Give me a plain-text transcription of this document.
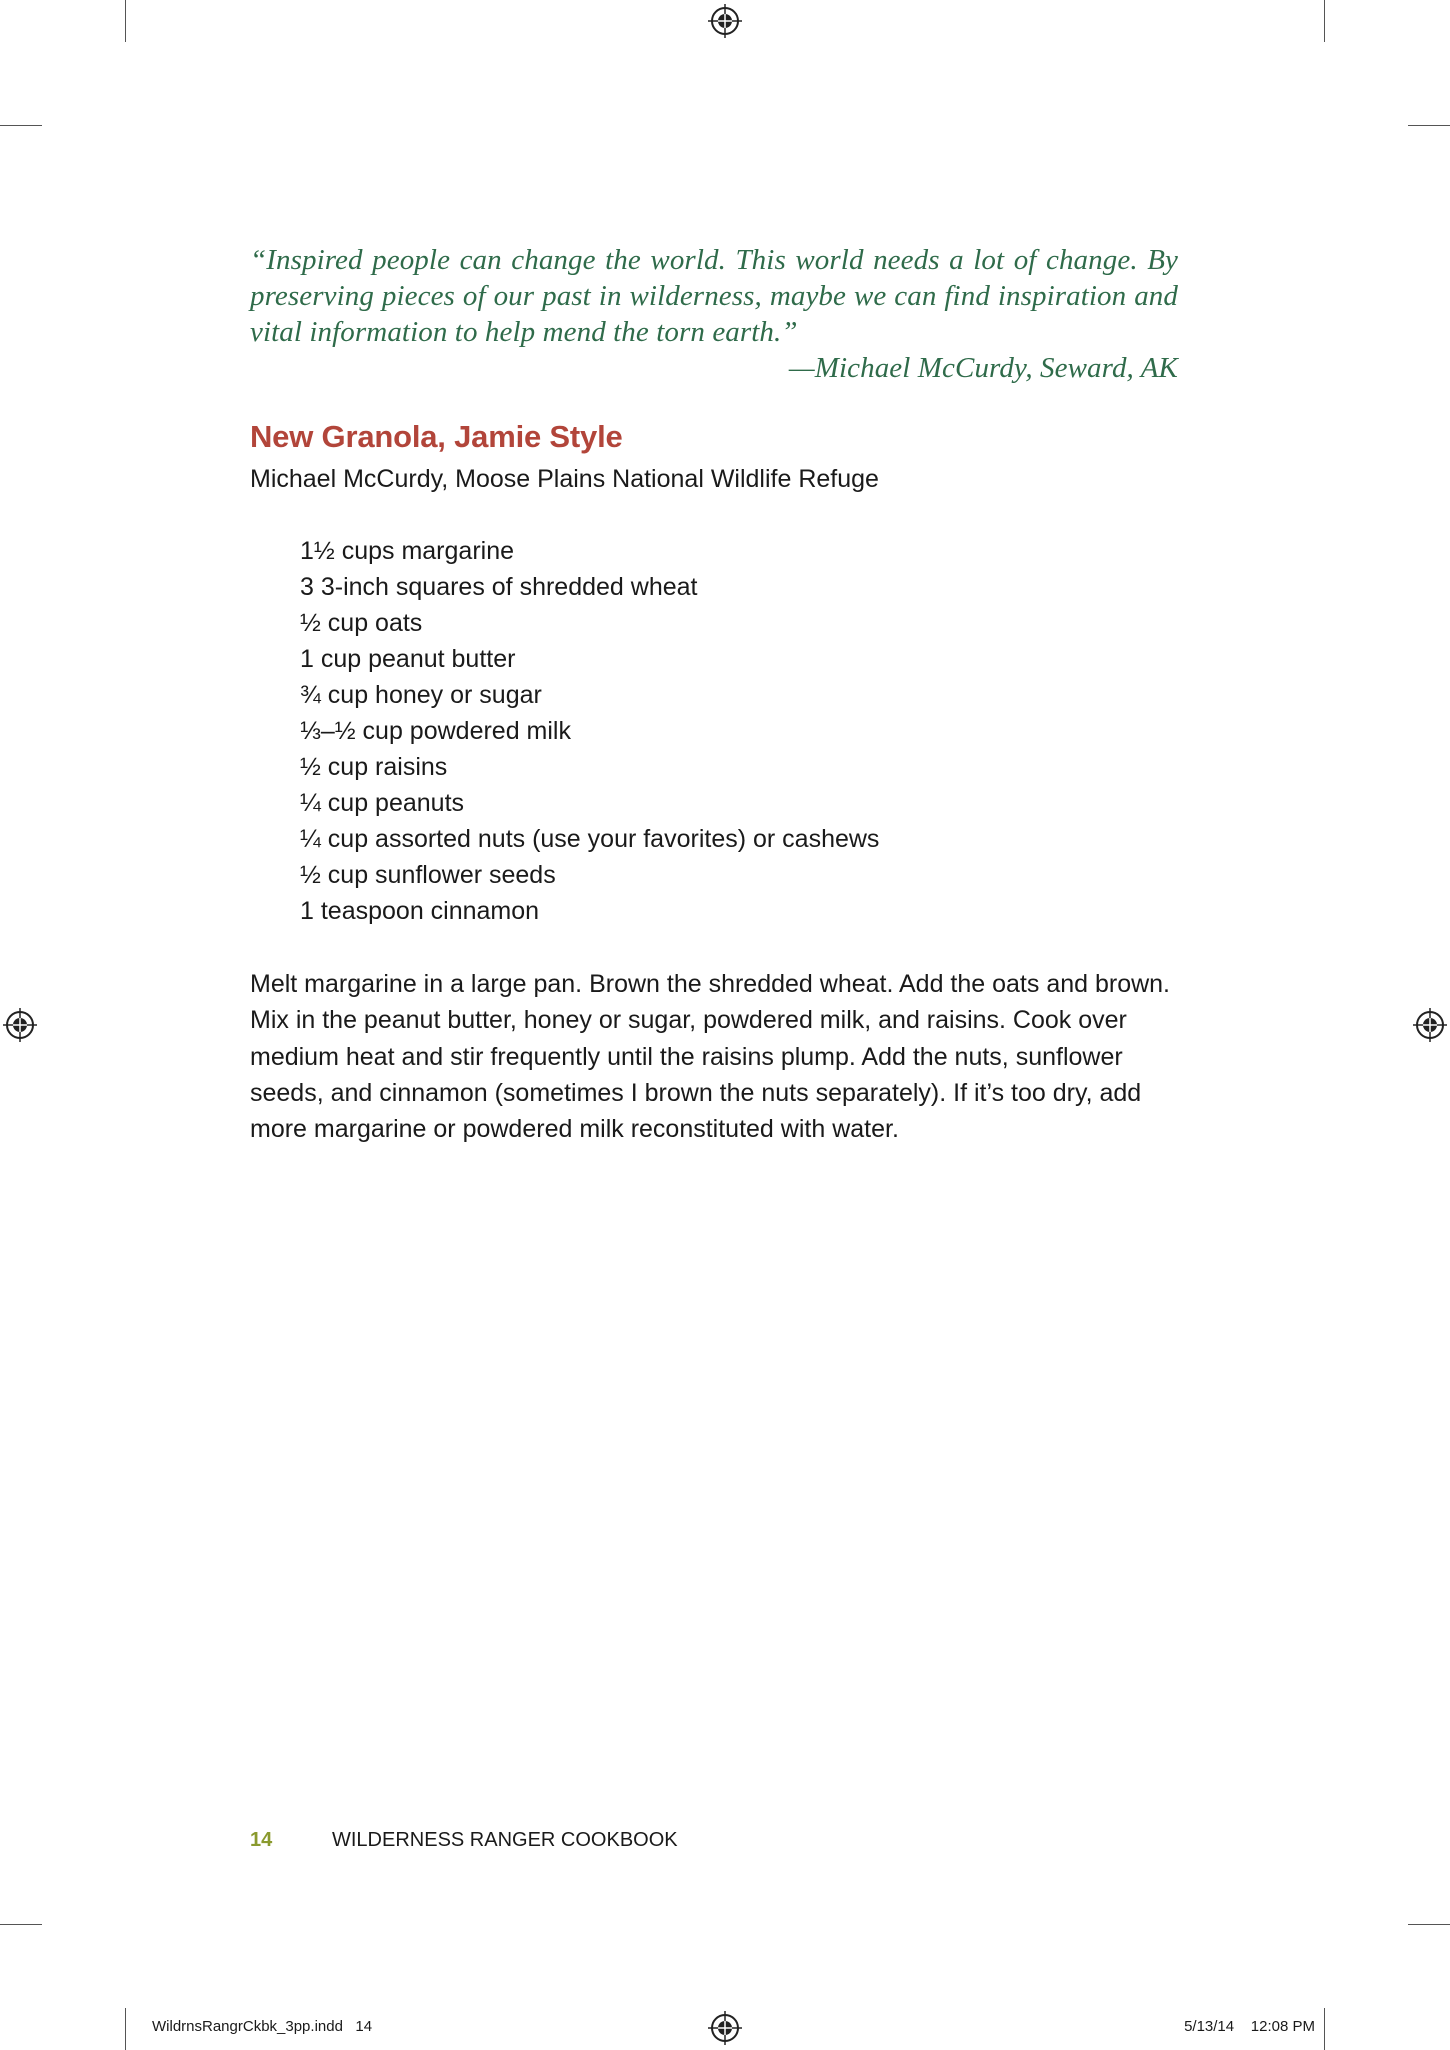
“Inspired people can change the world. This world needs a lot of change. By preserving pieces of our past in wilderness, maybe we can find inspiration and vital information to help mend the torn earth.”
—Michael McCurdy, Seward, AK
New Granola, Jamie Style
Michael McCurdy, Moose Plains National Wildlife Refuge
1½ cups margarine
3 3-inch squares of shredded wheat
½ cup oats
1 cup peanut butter
¾ cup honey or sugar
⅓–½ cup powdered milk
½ cup raisins
¼ cup peanuts
¼ cup assorted nuts (use your favorites) or cashews
½ cup sunflower seeds
1 teaspoon cinnamon

Melt margarine in a large pan. Brown the shredded wheat. Add the oats and brown. Mix in the peanut butter, honey or sugar, powdered milk, and raisins. Cook over medium heat and stir frequently until the raisins plump. Add the nuts, sunflower seeds, and cinnamon (sometimes I brown the nuts separately). If it’s too dry, add more margarine or powdered milk reconstituted with water.

14	WILDERNESS RANGER COOKBOOK
WildrnsRangrCkbk_3pp.indd   14	5/13/14 12:08 PM
